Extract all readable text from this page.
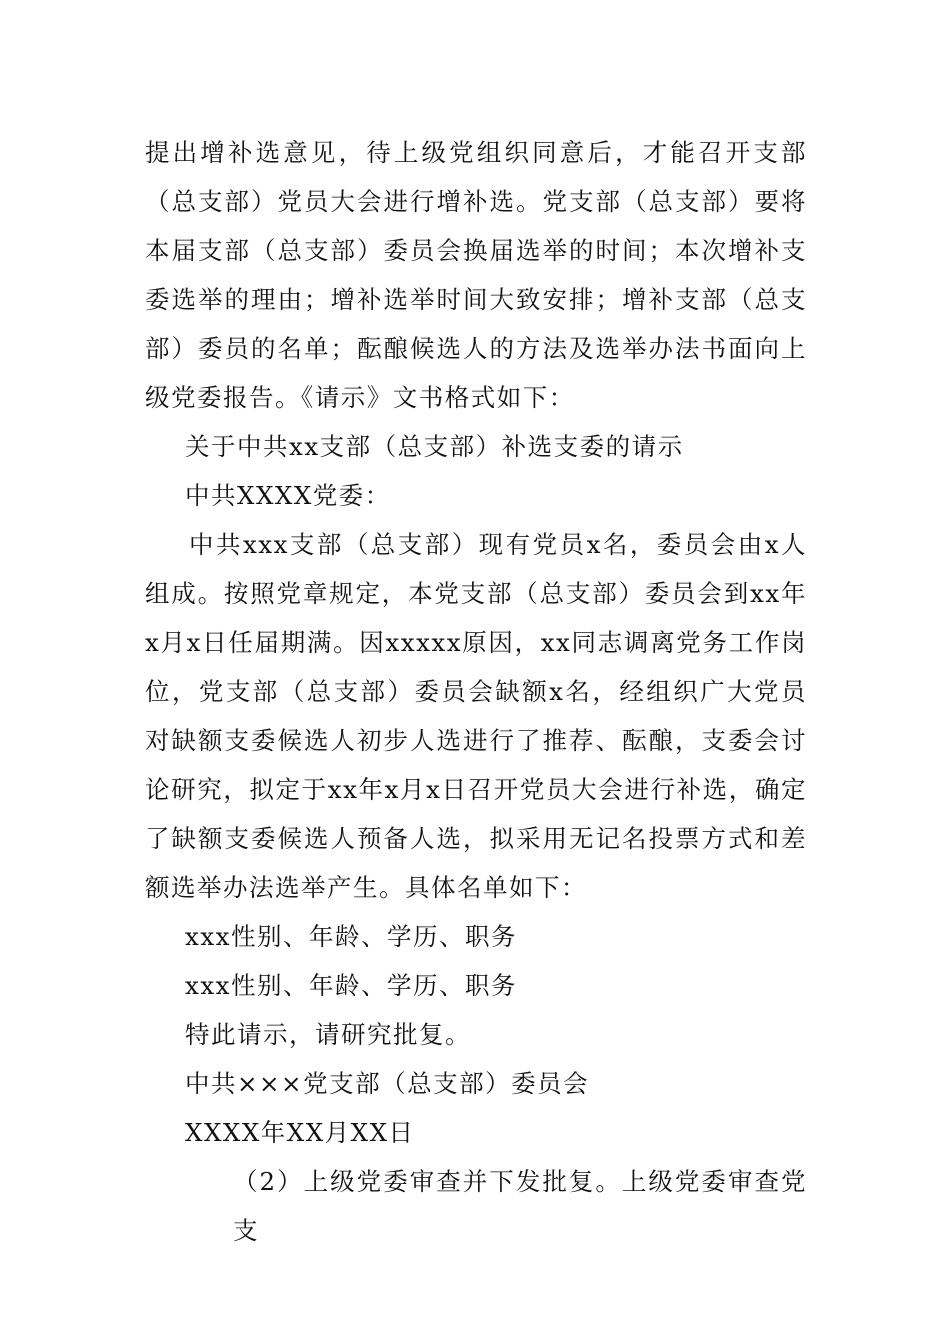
提出增补选意见，待上级党组织同意后，才能召开支部（总支部）党员大会进行增补选。党支部（总支部）要将本届支部（总支部）委员会换届选举的时间；本次增补支委选举的理由；增补选举时间大致安排；增补支部（总支部）委员的名单；酝酿候选人的方法及选举办法书面向上级党委报告。《请示》文书格式如下：

关于中共xx支部（总支部）补选支委的请示

中共XXXX党委：

中共xxx支部（总支部）现有党员x名，委员会由x人组成。按照党章规定，本党支部（总支部）委员会到xx年x月x日任届期满。因xxxxx原因，xx同志调离党务工作岗位，党支部（总支部）委员会缺额x名，经组织广大党员对缺额支委候选人初步人选进行了推荐、酝酿，支委会讨论研究，拟定于xx年x月x日召开党员大会进行补选，确定了缺额支委候选人预备人选，拟采用无记名投票方式和差额选举办法选举产生。具体名单如下：

xxx性别、年龄、学历、职务

xxx性别、年龄、学历、职务

特此请示，请研究批复。

中共×××党支部（总支部）委员会

XXXX年XX月XX日

（2）上级党委审查并下发批复。上级党委审查党支
